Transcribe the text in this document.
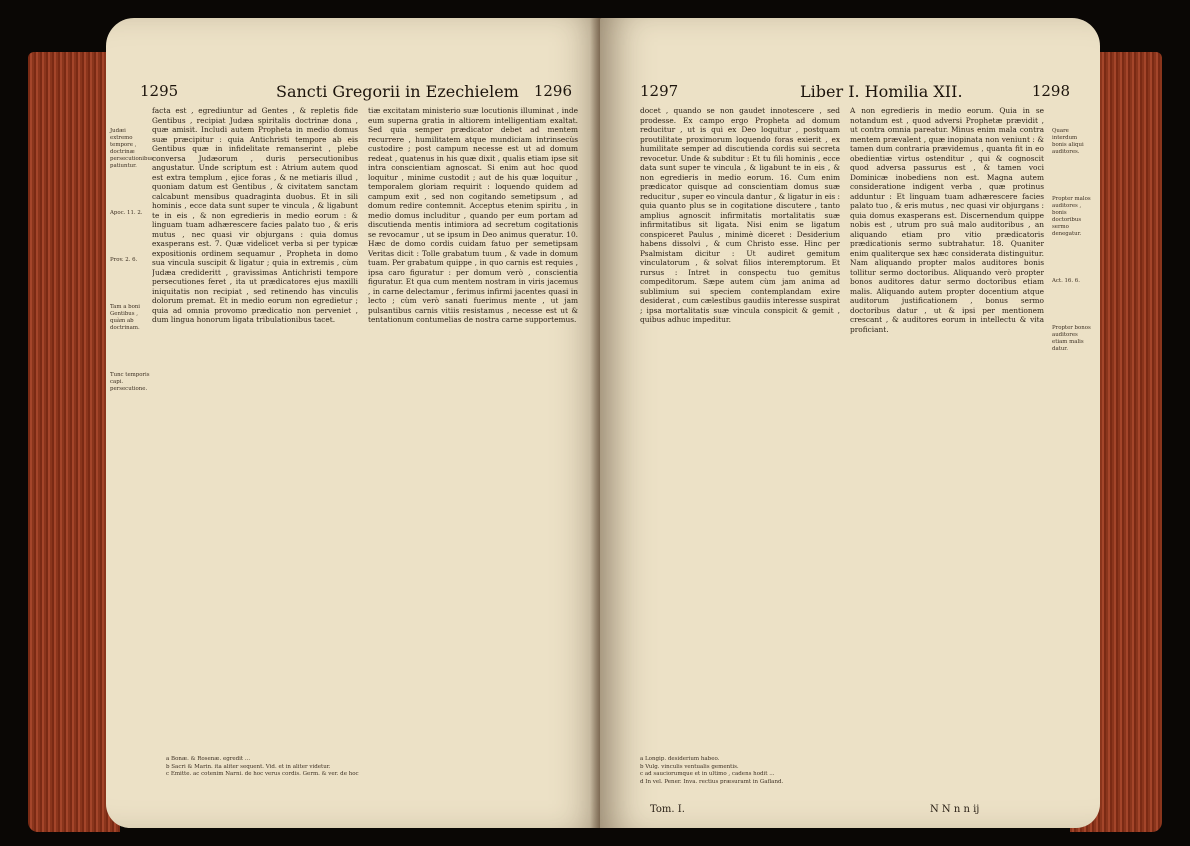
1295	Sancti Gregorii in Ezechielem 1296
Judæi extremo tempore , doctrinæ persecutionibus patiuntur.
Apoc. 11. 2.
Prov. 2. 6.
Tam a boni Gentibus , quàm ab doctrinam.
Tunc temporis capi. persecutione.

facta est , egrediuntur ad Gentes , & repletis fide Gentibus , recipiat Judæa spiritalis doctrinæ dona , quæ amisit. Includi autem Propheta in medio domus suæ præcipitur : quia Antichristi tempore ab eis Gentibus quæ in infidelitate remanserint , plebe conversa Judæorum , duris persecutionibus angustatur. Unde scriptum est : Atrium autem quod est extra templum , ejice foras , & ne metiaris illud , quoniam datum est Gentibus , & civitatem sanctam calcabunt mensibus quadraginta duobus. Et in sili hominis , ecce data sunt super te vincula , & ligabunt te in eis , & non egredieris in medio eorum : & linguam tuam adhærescere facies palato tuo , & eris mutus , nec quasi vir objurgans : quia domus exasperans est. 7. Quæ videlicet verba si per typicæ expositionis ordinem sequamur , Propheta in domo sua vincula suscipit & ligatur ; quia in extremis , cùm Judæa credideritt , gravissimas Antichristi tempore persecutiones feret , ita ut prædicatores ejus maxilli iniquitatis non recipiat , sed retinendo has vinculis dolorum premat. Et in medio eorum non egredietur ; quia ad omnia provomo prædicatio non perveniet , dum lingua honorum ligata tribulationibus tacet.

tiæ excitatam ministerio suæ locutionis illuminat , inde eum superna gratia in altiorem intelligentiam exaltat. Sed quia semper prædicator debet ad mentem recurrere , humilitatem atque mundiciam intrinsecùs custodire ; post campum necesse est ut ad domum redeat , quatenus in his quæ dixit , qualis etiam ipse sit intra conscientiam agnoscat. Si enim aut hoc quod loquitur , minime custodit ; aut de his quæ loquitur , temporalem gloriam requirit : loquendo quidem ad campum exit , sed non cogitando semetipsum , ad domum redire contemnit. Acceptus etenim spiritu , in medio domus includitur , quando per eum portam ad discutienda mentis intimiora ad secretum cogitationis se revocamur , ut se ipsum in Deo animus queratur. 10. Hæc de domo cordis cuidam fatuo per semetipsam Veritas dicit : Tolle grabatum tuum , & vade in domum tuam. Per grabatum quippe , in quo carnis est requies , ipsa caro figuratur : per domum verò , conscientia figuratur. Et qua cum mentem nostram in viris jacemus , in carne delectamur , ferimus infirmi jacentes quasi in lecto ; cùm verò sanati fuerimus mente , ut jam pulsantibus carnis vitiis resistamus , necesse est ut & tentationum contumelias de nostra carne supportemus.

a Bonæ. & Rosenæ. egredit ...
b Sacri & Marin. ita aliter sequent. Vid. et in aliter videtur.
c Emitte. ac cotenim Narni. de hoc verus cordis. Germ. & ver. de hoc
1297	Liber I. Homilia XII.	1298

docet , quando se non gaudet innotescere , sed prodesse. Ex campo ergo Propheta ad domum reducitur , ut is qui ex Deo loquitur , postquam proutilitate proximorum loquendo foras exierit , ex humilitate semper ad discutienda cordis sui secreta revocetur. Unde & subditur : Et tu fili hominis , ecce data sunt super te vincula , & ligabunt te in eis , & non egredieris in medio eorum. 16. Cum enim prædicator quisque ad conscientiam domus suæ reducitur , super eo vincula dantur , & ligatur in eis : quia quanto plus se in cogitatione discutere , tanto amplius agnoscit infirmitatis mortalitatis suæ infirmitatibus sit ligata. Nisi enim se ligatum conspiceret Paulus , minimè diceret : Desiderium habens dissolvi , & cum Christo esse. Hinc per Psalmistam dicitur : Ut audiret gemitum vinculatorum , & solvat filios interemptorum. Et rursus : Intret in conspectu tuo gemitus compeditorum. Sæpe autem cùm jam anima ad sublimium sui speciem contemplandam exire desiderat , cum cælestibus gaudiis interesse suspirat ; ipsa mortalitatis suæ vincula conspicit & gemit , quibus adhuc impeditur.

A non egredieris in medio eorum. Quia in se notandum est , quod adversi Prophetæ prævidit , ut contra omnia pareatur. Minus enim mala contra mentem prævalent , quæ inopinata non veniunt : & tamen dum contraria prævidemus , quanta fit in eo obedientiæ virtus ostenditur , qui & cognoscit quod adversa passurus est , & tamen voci Dominicæ inobediens non est. Magna autem consideratione indigent verba , quæ protinus adduntur : Et linguam tuam adhærescere facies palato tuo , & eris mutus , nec quasi vir objurgans : quia domus exasperans est. Discernendum quippe nobis est , utrum pro suâ malo auditoribus , an aliquando etiam pro vitio prædicatoris prædicationis sermo subtrahatur. 18. Quaniter enim qualiterque sex hæc considerata distinguitur. Nam aliquando propter malos auditores bonis tollitur sermo doctoribus. Aliquando verò propter bonos auditores datur sermo doctoribus etiam malis. Aliquando autem propter docentium atque auditorum justificationem , bonus sermo doctoribus datur , ut & ipsi per mentionem crescant , & auditores eorum in intellectu & vita proficiant.

Quare interdum bonis aliqui auditores.
Propter malos auditores , bonis doctoribus sermo denegatur.
Act. 16. 6.
Propter bonos auditores etiam malis datur.
a Longip. desiderium habeo.
b Vulg. vinculis ventualis gementis.
c ad sauciorumque et in ultimo , cadens hodit ...
d In vel. Pener. Inva. rectius præsuramt in Gafland.
Tom. I.	N N n n ij
